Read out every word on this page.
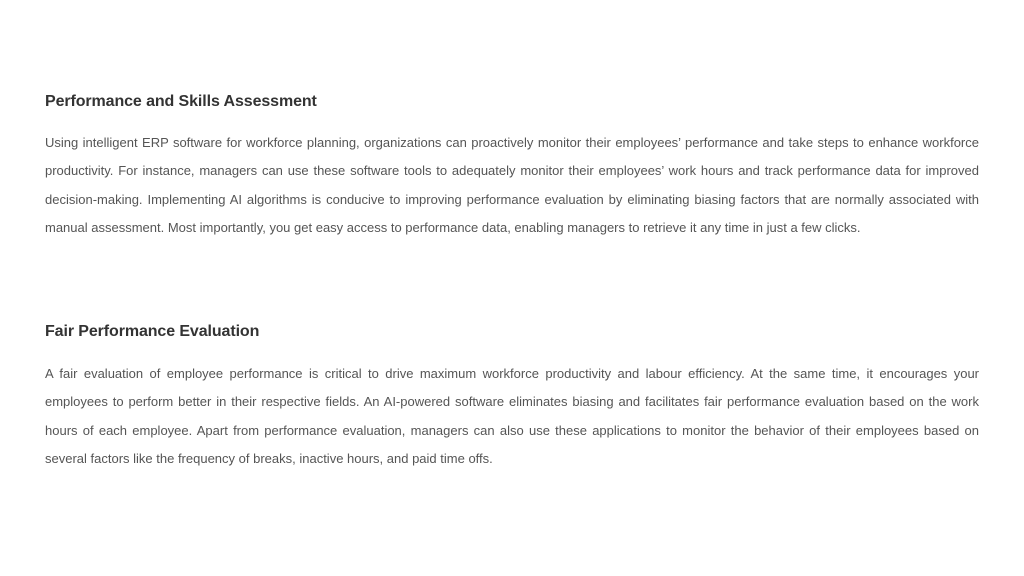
Performance and Skills Assessment

Using intelligent ERP software for workforce planning, organizations can proactively monitor their employees’ performance and take steps to enhance workforce productivity. For instance, managers can use these software tools to adequately monitor their employees’ work hours and track performance data for improved decision-making. Implementing AI algorithms is conducive to improving performance evaluation by eliminating biasing factors that are normally associated with manual assessment. Most importantly, you get easy access to performance data, enabling managers to retrieve it any time in just a few clicks.

Fair Performance Evaluation

A fair evaluation of employee performance is critical to drive maximum workforce productivity and labour efficiency. At the same time, it encourages your employees to perform better in their respective fields. An AI-powered software eliminates biasing and facilitates fair performance evaluation based on the work hours of each employee. Apart from performance evaluation, managers can also use these applications to monitor the behavior of their employees based on several factors like the frequency of breaks, inactive hours, and paid time offs.
